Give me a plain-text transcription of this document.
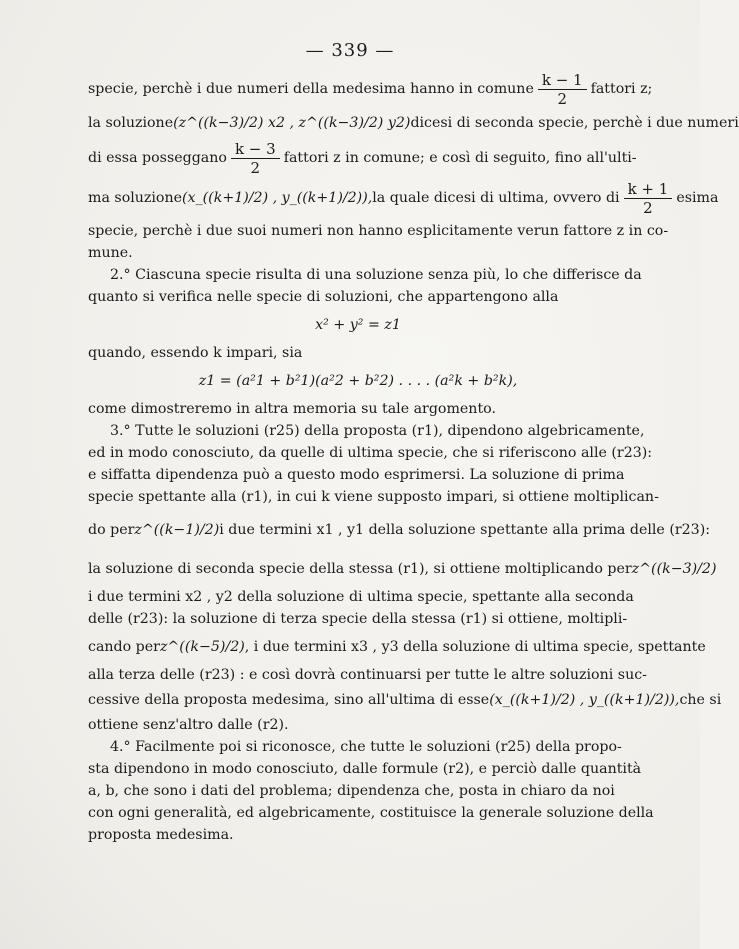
— 339 —
specie, perchè i due numeri della medesima hanno in comune $\frac{k - 1}{2}$ fattori z;
la soluzione (z^((k−3)/2) x2 , z^((k−3)/2) y2) dicesi di seconda specie, perchè i due numeri
di essa posseggano $\frac{k - 3}{2}$ fattori z in comune; e così di seguito, fino all'ulti-
ma soluzione (x_((k+1)/2) , y_((k+1)/2)), la quale dicesi di ultima, ovvero di $\frac{k + 1}{2}$ esima
specie, perchè i due suoi numeri non hanno esplicitamente verun fattore z in co-
mune.
2.° Ciascuna specie risulta di una soluzione senza più, lo che differisce da
quanto si verifica nelle specie di soluzioni, che appartengono alla
x² + y² = z1
quando, essendo k impari, sia
z1 = (a²1 + b²1)(a²2 + b²2) . . . . (a²k + b²k),
come dimostreremo in altra memoria su tale argomento.
3.° Tutte le soluzioni (r25) della proposta (r1), dipendono algebricamente,
ed in modo conosciuto, da quelle di ultima specie, che si riferiscono alle (r23):
e siffatta dipendenza può a questo modo esprimersi. La soluzione di prima
specie spettante alla (r1), in cui k viene supposto impari, si ottiene moltiplican-
do per z^((k−1)/2) i due termini x1 , y1 della soluzione spettante alla prima delle (r23):
la soluzione di seconda specie della stessa (r1), si ottiene moltiplicando per z^((k−3)/2)
i due termini x2 , y2 della soluzione di ultima specie, spettante alla seconda
delle (r23): la soluzione di terza specie della stessa (r1) si ottiene, moltipli-
cando per z^((k−5)/2) , i due termini x3 , y3 della soluzione di ultima specie, spettante
alla terza delle (r23) : e così dovrà continuarsi per tutte le altre soluzioni suc-
cessive della proposta medesima, sino all'ultima di esse (x_((k+1)/2) , y_((k+1)/2)), che si
ottiene senz'altro dalle (r2).
4.° Facilmente poi si riconosce, che tutte le soluzioni (r25) della propo-
sta dipendono in modo conosciuto, dalle formule (r2), e perciò dalle quantità
a, b, che sono i dati del problema; dipendenza che, posta in chiaro da noi
con ogni generalità, ed algebricamente, costituisce la generale soluzione della
proposta medesima.
